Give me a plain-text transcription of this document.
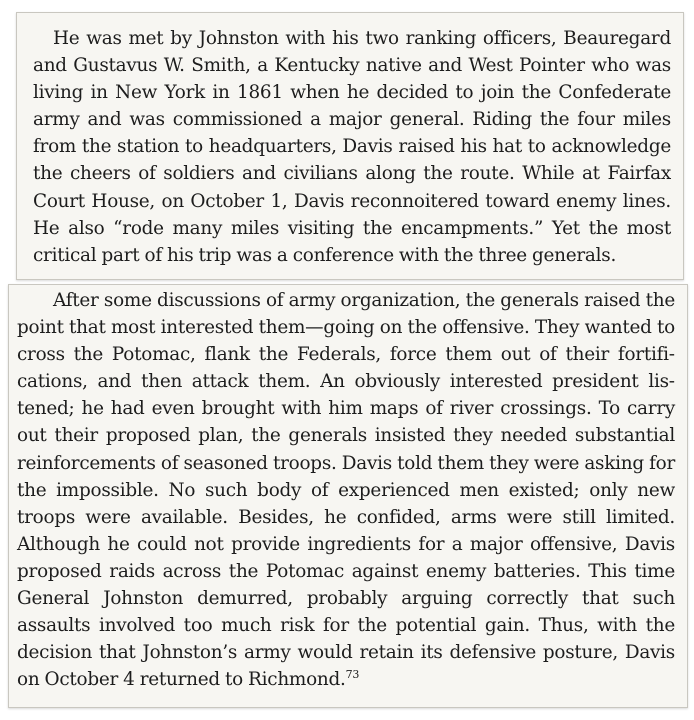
He was met by Johnston with his two ranking officers, Beauregard and Gustavus W. Smith, a Kentucky native and West Pointer who was living in New York in 1861 when he decided to join the Confederate army and was commissioned a major general. Riding the four miles from the station to headquarters, Davis raised his hat to acknowledge the cheers of soldiers and civilians along the route. While at Fairfax Court House, on October 1, Davis reconnoitered toward enemy lines. He also “rode many miles visiting the encampments.” Yet the most critical part of his trip was a conference with the three generals.

After some discussions of army organization, the generals raised the point that most interested them—going on the offensive. They wanted to cross the Potomac, flank the Federals, force them out of their fortifications, and then attack them. An obviously interested president listened; he had even brought with him maps of river crossings. To carry out their proposed plan, the generals insisted they needed substantial reinforcements of seasoned troops. Davis told them they were asking for the impossible. No such body of experienced men existed; only new troops were available. Besides, he confided, arms were still limited. Although he could not provide ingredients for a major offensive, Davis proposed raids across the Potomac against enemy batteries. This time General Johnston demurred, probably arguing correctly that such assaults involved too much risk for the potential gain. Thus, with the decision that Johnston’s army would retain its defensive posture, Davis on October 4 returned to Richmond.$^{73}$
